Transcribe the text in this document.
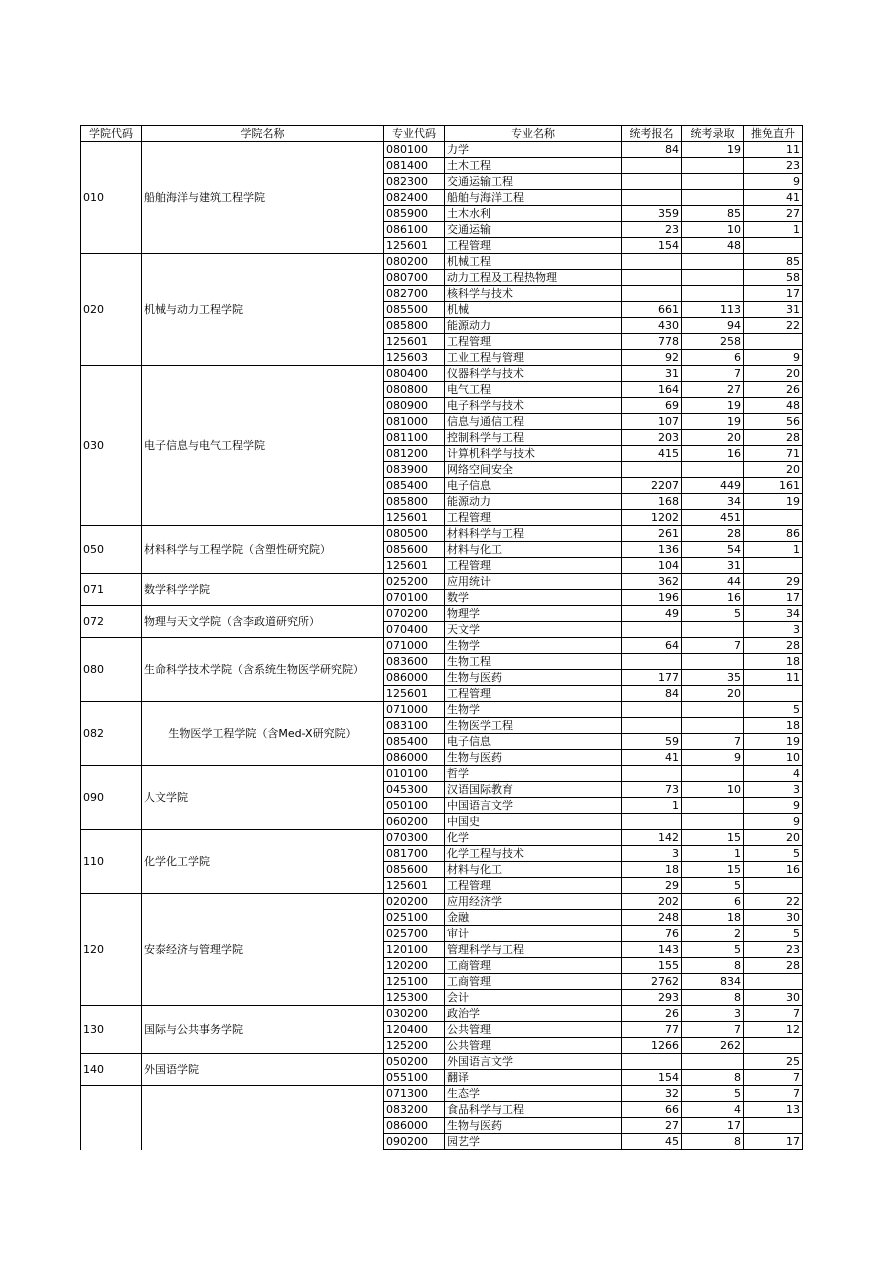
学院代码	学院名称	专业代码	专业名称	统考报名	统考录取	推免直升
010	船舶海洋与建筑工程学院	080100	力学	84	19	11
		081400	土木工程			23
		082300	交通运输工程			9
		082400	船舶与海洋工程			41
		085900	土木水利	359	85	27
		086100	交通运输	23	10	1
		125601	工程管理	154	48	
020	机械与动力工程学院	080200	机械工程			85
		080700	动力工程及工程热物理			58
		082700	核科学与技术			17
		085500	机械	661	113	31
		085800	能源动力	430	94	22
		125601	工程管理	778	258	
		125603	工业工程与管理	92	6	9
030	电子信息与电气工程学院	080400	仪器科学与技术	31	7	20
		080800	电气工程	164	27	26
		080900	电子科学与技术	69	19	48
		081000	信息与通信工程	107	19	56
		081100	控制科学与工程	203	20	28
		081200	计算机科学与技术	415	16	71
		083900	网络空间安全			20
		085400	电子信息	2207	449	161
		085800	能源动力	168	34	19
		125601	工程管理	1202	451	
050	材料科学与工程学院（含塑性研究院）	080500	材料科学与工程	261	28	86
		085600	材料与化工	136	54	1
		125601	工程管理	104	31	
071	数学科学学院	025200	应用统计	362	44	29
		070100	数学	196	16	17
072	物理与天文学院（含李政道研究所）	070200	物理学	49	5	34
		070400	天文学			3
080	生命科学技术学院（含系统生物医学研究院）	071000	生物学	64	7	28
		083600	生物工程			18
		086000	生物与医药	177	35	11
		125601	工程管理	84	20	
082	生物医学工程学院（含Med-X研究院）	071000	生物学			5
		083100	生物医学工程			18
		085400	电子信息	59	7	19
		086000	生物与医药	41	9	10
090	人文学院	010100	哲学			4
		045300	汉语国际教育	73	10	3
		050100	中国语言文学	1		9
		060200	中国史			9
110	化学化工学院	070300	化学	142	15	20
		081700	化学工程与技术	3	1	5
		085600	材料与化工	18	15	16
		125601	工程管理	29	5	
120	安泰经济与管理学院	020200	应用经济学	202	6	22
		025100	金融	248	18	30
		025700	审计	76	2	5
		120100	管理科学与工程	143	5	23
		120200	工商管理	155	8	28
		125100	工商管理	2762	834	
		125300	会计	293	8	30
130	国际与公共事务学院	030200	政治学	26	3	7
		120400	公共管理	77	7	12
		125200	公共管理	1266	262	
140	外国语学院	050200	外国语言文学			25
		055100	翻译	154	8	7
		071300	生态学	32	5	7
		083200	食品科学与工程	66	4	13
		086000	生物与医药	27	17	
		090200	园艺学	45	8	17
